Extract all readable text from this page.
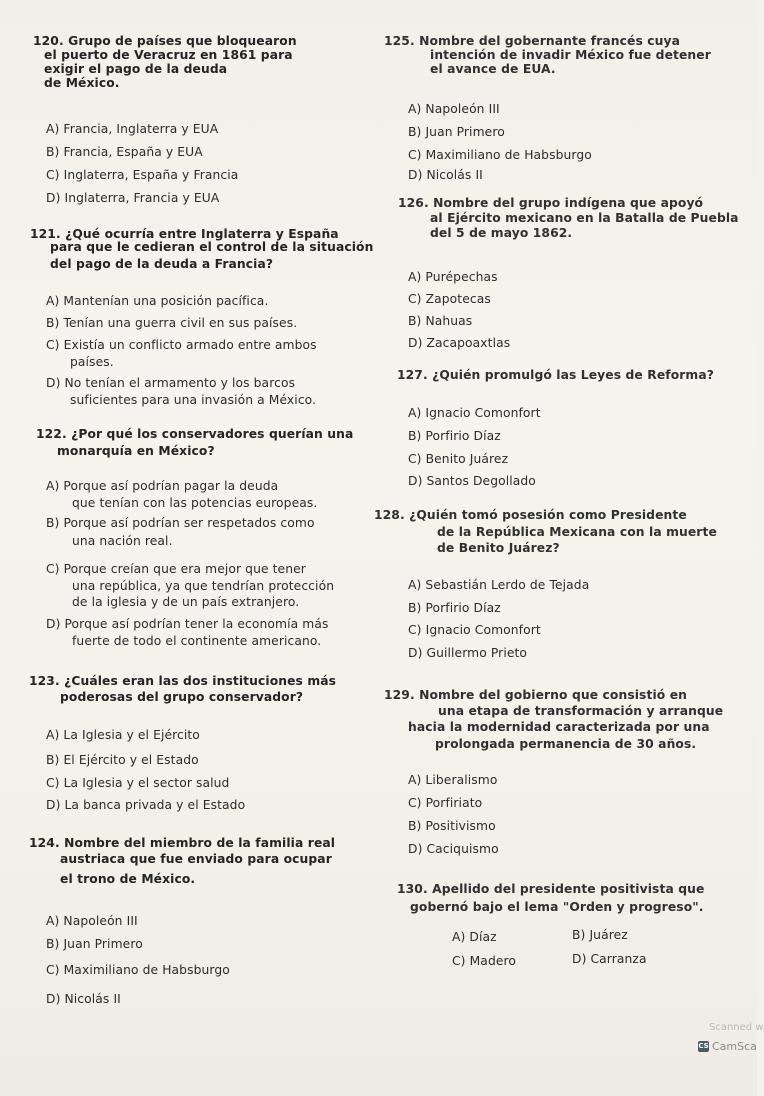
120. Grupo de países que bloquearon
el puerto de Veracruz en 1861 para
exigir el pago de la deuda
de México.
A) Francia, Inglaterra y EUA
B) Francia, España y EUA
C) Inglaterra, España y Francia
D) Inglaterra, Francia y EUA
121. ¿Qué ocurría entre Inglaterra y España
para que le cedieran el control de la situación
del pago de la deuda a Francia?
A) Mantenían una posición pacífica.
B) Tenían una guerra civil en sus países.
C) Existía un conflicto armado entre ambos
países.
D) No tenían el armamento y los barcos
suficientes para una invasión a México.
122. ¿Por qué los conservadores querían una
monarquía en México?
A) Porque así podrían pagar la deuda
que tenían con las potencias europeas.
B) Porque así podrían ser respetados como
una nación real.
C) Porque creían que era mejor que tener
una república, ya que tendrían protección
de la iglesia y de un país extranjero.
D) Porque así podrían tener la economía más
fuerte de todo el continente americano.
123. ¿Cuáles eran las dos instituciones más
poderosas del grupo conservador?
A) La Iglesia y el Ejército
B) El Ejército y el Estado
C) La Iglesia y el sector salud
D) La banca privada y el Estado
124. Nombre del miembro de la familia real
austriaca que fue enviado para ocupar
el trono de México.
A) Napoleón III
B) Juan Primero
C) Maximiliano de Habsburgo
D) Nicolás II
125. Nombre del gobernante francés cuya
intención de invadir México fue detener
el avance de EUA.
A) Napoleón III
B) Juan Primero
C) Maximiliano de Habsburgo
D) Nicolás II
126. Nombre del grupo indígena que apoyó
al Ejército mexicano en la Batalla de Puebla
del 5 de mayo 1862.
A) Purépechas
C) Zapotecas
B) Nahuas
D) Zacapoaxtlas
127. ¿Quién promulgó las Leyes de Reforma?
A) Ignacio Comonfort
B) Porfirio Díaz
C) Benito Juárez
D) Santos Degollado
128. ¿Quién tomó posesión como Presidente
de la República Mexicana con la muerte
de Benito Juárez?
A) Sebastián Lerdo de Tejada
B) Porfirio Díaz
C) Ignacio Comonfort
D) Guillermo Prieto
129. Nombre del gobierno que consistió en
una etapa de transformación y arranque
hacia la modernidad caracterizada por una
prolongada permanencia de 30 años.
A) Liberalismo
C) Porfiriato
B) Positivismo
D) Caciquismo
130. Apellido del presidente positivista que
gobernó bajo el lema "Orden y progreso".
A) Díaz	B) Juárez
C) Madero	D) Carranza
Scanned w
CS CamSca
